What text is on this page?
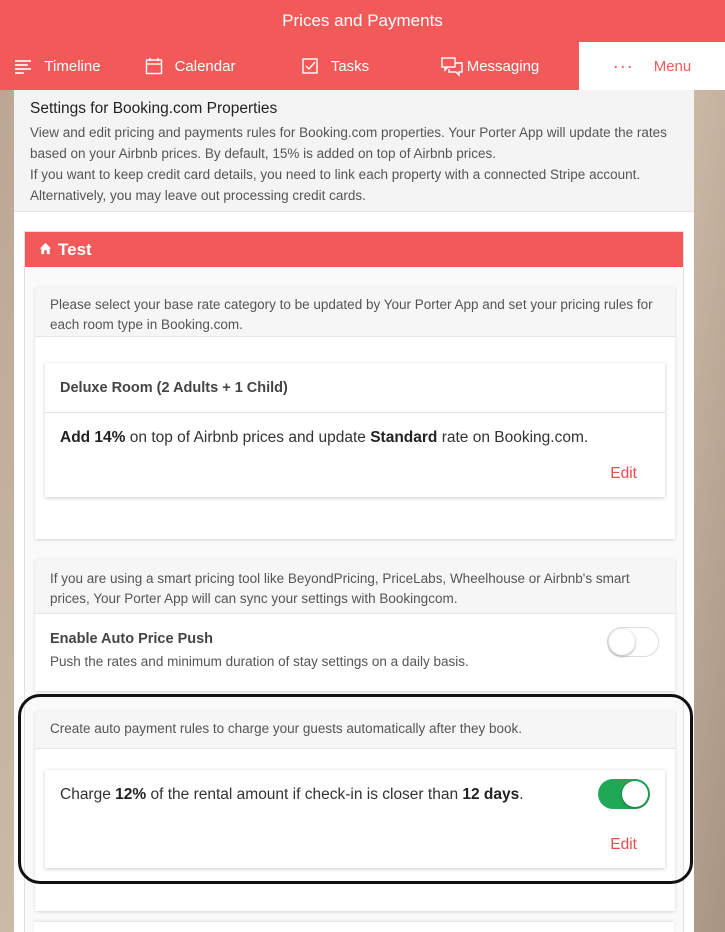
Prices and Payments
Timeline	Calendar	Tasks	Messaging	··· Menu
Settings for Booking.com Properties

View and edit pricing and payments rules for Booking.com properties. Your Porter App will update the rates based on your Airbnb prices. By default, 15% is added on top of Airbnb prices.

If you want to keep credit card details, you need to link each property with a connected Stripe account. Alternatively, you may leave out processing credit cards.

Test
Please select your base rate category to be updated by Your Porter App and set your pricing rules for each room type in Booking.com.
Deluxe Room (2 Adults + 1 Child)
Add 14% on top of Airbnb prices and update Standard rate on Booking.com.
Edit
If you are using a smart pricing tool like BeyondPricing, PriceLabs, Wheelhouse or Airbnb's smart prices, Your Porter App will can sync your settings with Bookingcom.
Enable Auto Price Push
Push the rates and minimum duration of stay settings on a daily basis.
Create auto payment rules to charge your guests automatically after they book.
Charge 12% of the rental amount if check-in is closer than 12 days.
Edit
